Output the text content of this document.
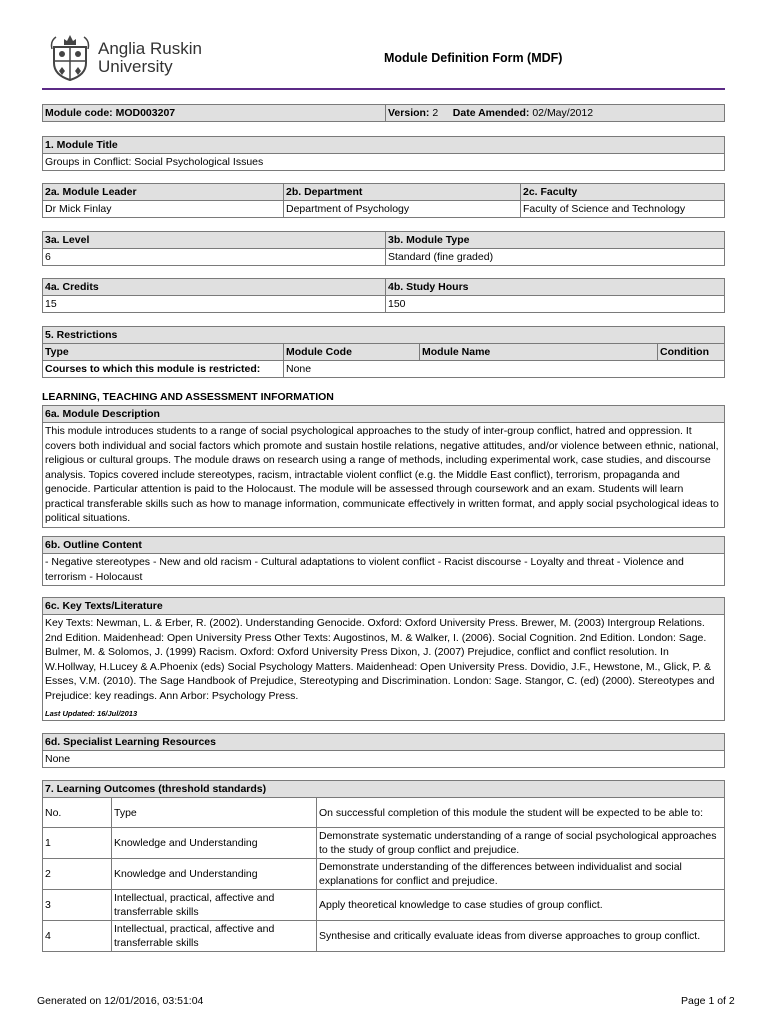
Anglia Ruskin
University	Module Definition Form (MDF)
Module code: MOD003207	Version: 2 Date Amended: 02/May/2012
1. Module Title
Groups in Conflict: Social Psychological Issues
2a. Module Leader	2b. Department	2c. Faculty
Dr Mick Finlay	Department of Psychology	Faculty of Science and Technology
3a. Level	3b. Module Type
6	Standard (fine graded)
4a. Credits	4b. Study Hours
15	150
5. Restrictions			
Type	Module Code	Module Name	Condition
Courses to which this module is restricted:	None		
LEARNING, TEACHING AND ASSESSMENT INFORMATION
6a. Module Description
This module introduces students to a range of social psychological approaches to the study of inter-group conflict, hatred and oppression. It covers both individual and social factors which promote and sustain hostile relations, negative attitudes, and/or violence between ethnic, national, religious or cultural groups. The module draws on research using a range of methods, including experimental work, case studies, and discourse analysis. Topics covered include stereotypes, racism, intractable violent conflict (e.g. the Middle East conflict), terrorism, propaganda and genocide. Particular attention is paid to the Holocaust. The module will be assessed through coursework and an exam. Students will learn practical transferable skills such as how to manage information, communicate effectively in written format, and apply social psychological ideas to political situations.
6b. Outline Content
- Negative stereotypes - New and old racism - Cultural adaptations to violent conflict - Racist discourse - Loyalty and threat - Violence and terrorism - Holocaust
6c. Key Texts/Literature

Key Texts: Newman, L. & Erber, R. (2002). Understanding Genocide. Oxford: Oxford University Press. Brewer, M. (2003) Intergroup Relations. 2nd Edition. Maidenhead: Open University Press Other Texts: Augostinos, M. & Walker, I. (2006). Social Cognition. 2nd Edition. London: Sage. Bulmer, M. & Solomos, J. (1999) Racism. Oxford: Oxford University Press Dixon, J. (2007) Prejudice, conflict and conflict resolution. In W.Hollway, H.Lucey & A.Phoenix (eds) Social Psychology Matters. Maidenhead: Open University Press. Dovidio, J.F., Hewstone, M., Glick, P. & Esses, V.M. (2010). The Sage Handbook of Prejudice, Stereotyping and Discrimination. London: Sage. Stangor, C. (ed) (2000). Stereotypes and Prejudice: key readings. Ann Arbor: Psychology Press.
Last Updated: 16/Jul/2013
6d. Specialist Learning Resources
None
7. Learning Outcomes (threshold standards)		
No.	Type	On successful completion of this module the student will be expected to be able to:
1	Knowledge and Understanding	Demonstrate systematic understanding of a range of social psychological approaches to the study of group conflict and prejudice.
2	Knowledge and Understanding	Demonstrate understanding of the differences between individualist and social explanations for conflict and prejudice.
3	Intellectual, practical, affective and transferrable skills	Apply theoretical knowledge to case studies of group conflict.
4	Intellectual, practical, affective and transferrable skills	Synthesise and critically evaluate ideas from diverse approaches to group conflict.
Generated on 12/01/2016, 03:51:04	Page 1 of 2
